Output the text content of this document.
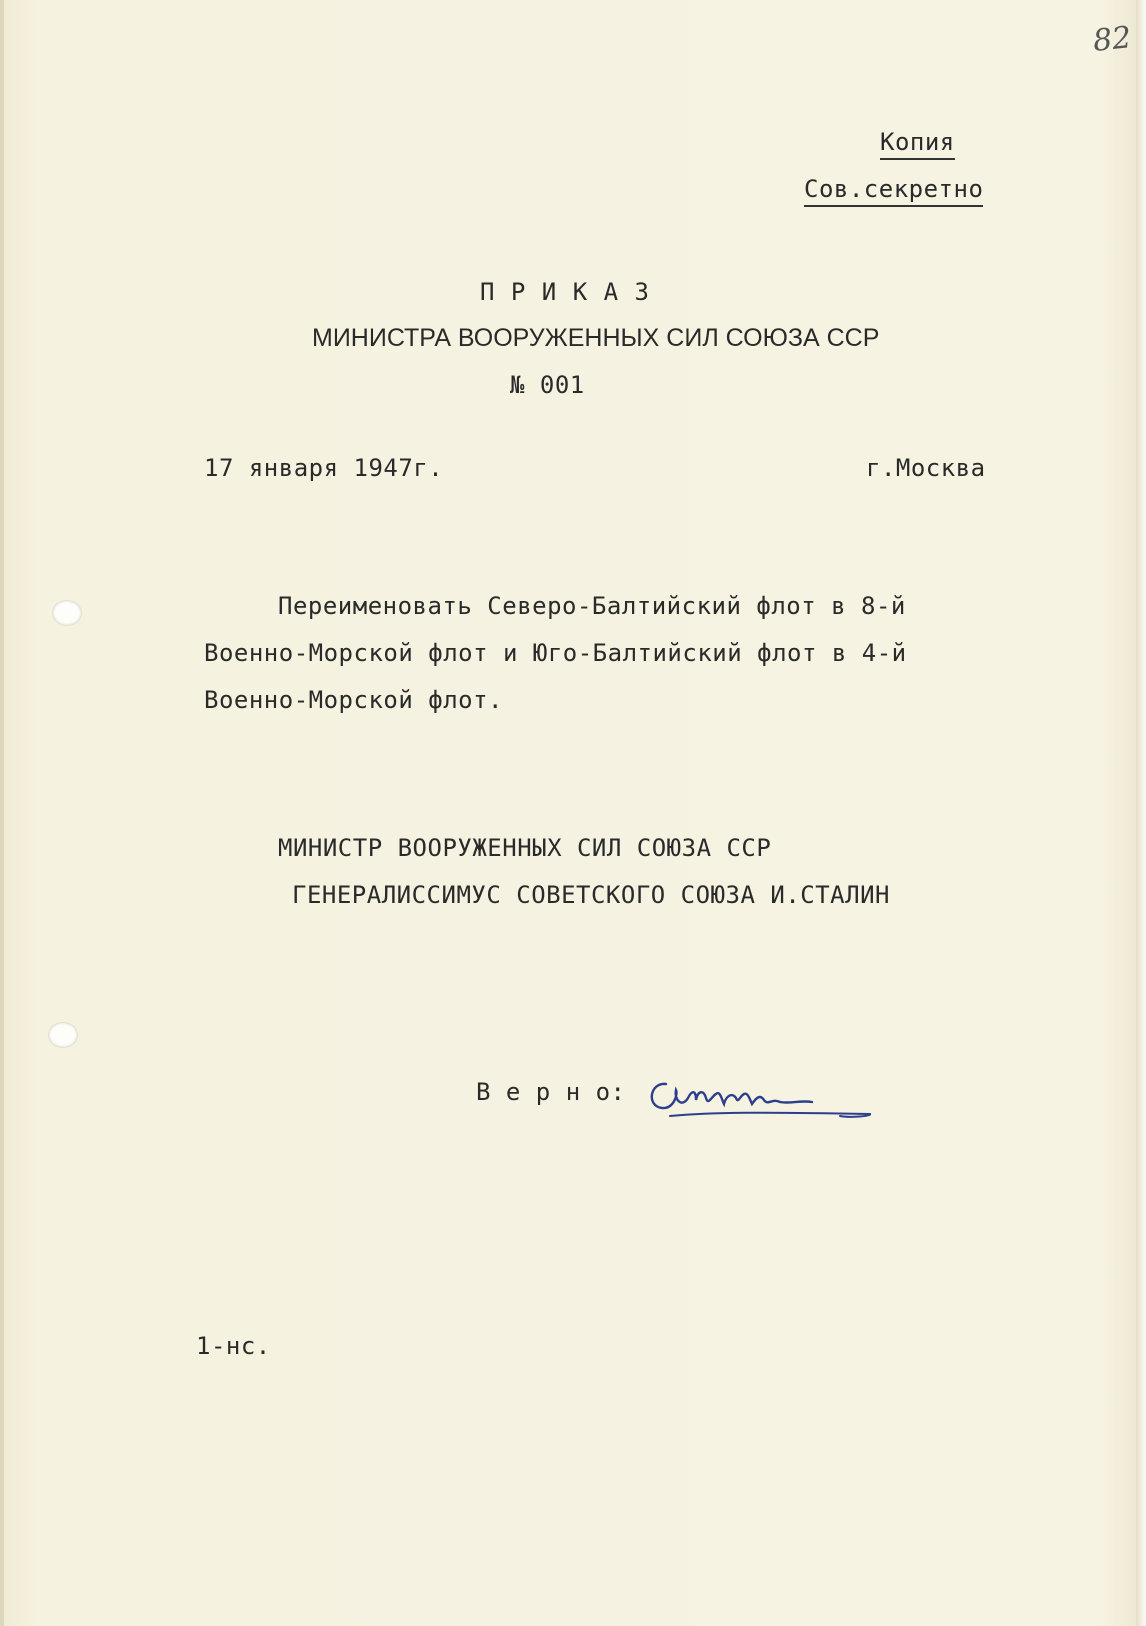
82
Копия
Сов.секретно
П Р И К А З
МИНИСТРА ВООРУЖЕННЫХ СИЛ СОЮЗА ССР
№ 001
17 января 1947г.	г.Москва
Переименовать Северо-Балтийский флот в 8-й
Военно-Морской флот и Юго-Балтийский флот в 4-й
Военно-Морской флот.
МИНИСТР ВООРУЖЕННЫХ СИЛ СОЮЗА ССР
ГЕНЕРАЛИССИМУС СОВЕТСКОГО СОЮЗА И.СТАЛИН
В е р н о:
1-нс.
